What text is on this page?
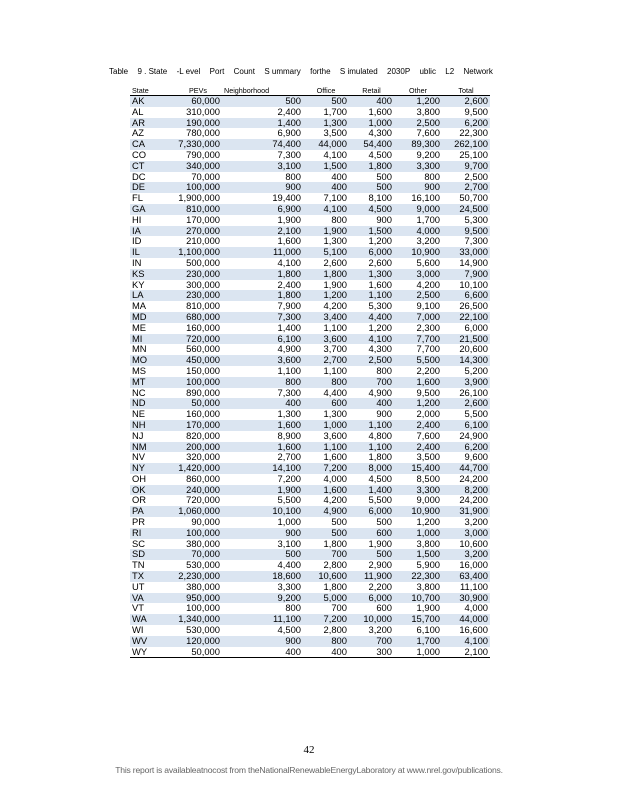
Table 9 . State -L evel Port Count S ummary forthe S imulated 2030P ublic L2 Network
State	PEVs	Neighborhood	Office	Retail	Other	Total
AK	60,000	500	500	400	1,200	2,600
AL	310,000	2,400	1,700	1,600	3,800	9,500
AR	190,000	1,400	1,300	1,000	2,500	6,200
AZ	780,000	6,900	3,500	4,300	7,600	22,300
CA	7,330,000	74,400	44,000	54,400	89,300	262,100
CO	790,000	7,300	4,100	4,500	9,200	25,100
CT	340,000	3,100	1,500	1,800	3,300	9,700
DC	70,000	800	400	500	800	2,500
DE	100,000	900	400	500	900	2,700
FL	1,900,000	19,400	7,100	8,100	16,100	50,700
GA	810,000	6,900	4,100	4,500	9,000	24,500
HI	170,000	1,900	800	900	1,700	5,300
IA	270,000	2,100	1,900	1,500	4,000	9,500
ID	210,000	1,600	1,300	1,200	3,200	7,300
IL	1,100,000	11,000	5,100	6,000	10,900	33,000
IN	500,000	4,100	2,600	2,600	5,600	14,900
KS	230,000	1,800	1,800	1,300	3,000	7,900
KY	300,000	2,400	1,900	1,600	4,200	10,100
LA	230,000	1,800	1,200	1,100	2,500	6,600
MA	810,000	7,900	4,200	5,300	9,100	26,500
MD	680,000	7,300	3,400	4,400	7,000	22,100
ME	160,000	1,400	1,100	1,200	2,300	6,000
MI	720,000	6,100	3,600	4,100	7,700	21,500
MN	560,000	4,900	3,700	4,300	7,700	20,600
MO	450,000	3,600	2,700	2,500	5,500	14,300
MS	150,000	1,100	1,100	800	2,200	5,200
MT	100,000	800	800	700	1,600	3,900
NC	890,000	7,300	4,400	4,900	9,500	26,100
ND	50,000	400	600	400	1,200	2,600
NE	160,000	1,300	1,300	900	2,000	5,500
NH	170,000	1,600	1,000	1,100	2,400	6,100
NJ	820,000	8,900	3,600	4,800	7,600	24,900
NM	200,000	1,600	1,100	1,100	2,400	6,200
NV	320,000	2,700	1,600	1,800	3,500	9,600
NY	1,420,000	14,100	7,200	8,000	15,400	44,700
OH	860,000	7,200	4,000	4,500	8,500	24,200
OK	240,000	1,900	1,600	1,400	3,300	8,200
OR	720,000	5,500	4,200	5,500	9,000	24,200
PA	1,060,000	10,100	4,900	6,000	10,900	31,900
PR	90,000	1,000	500	500	1,200	3,200
RI	100,000	900	500	600	1,000	3,000
SC	380,000	3,100	1,800	1,900	3,800	10,600
SD	70,000	500	700	500	1,500	3,200
TN	530,000	4,400	2,800	2,900	5,900	16,000
TX	2,230,000	18,600	10,600	11,900	22,300	63,400
UT	380,000	3,300	1,800	2,200	3,800	11,100
VA	950,000	9,200	5,000	6,000	10,700	30,900
VT	100,000	800	700	600	1,900	4,000
WA	1,340,000	11,100	7,200	10,000	15,700	44,000
WI	530,000	4,500	2,800	3,200	6,100	16,600
WV	120,000	900	800	700	1,700	4,100
WY	50,000	400	400	300	1,000	2,100
42
This report is availableatnocost from theNationalRenewableEnergyLaboratory at www.nrel.gov/publications.
